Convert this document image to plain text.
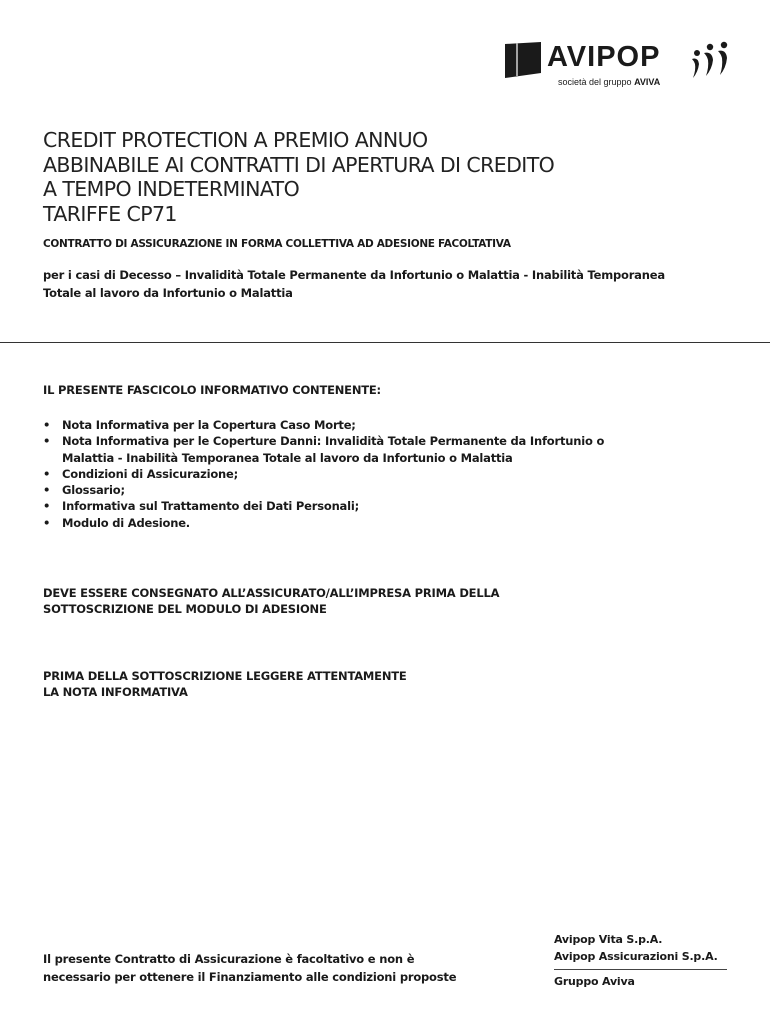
AVIPOP
società del gruppo AVIVA
CREDIT PROTECTION A PREMIO ANNUO
ABBINABILE AI CONTRATTI DI APERTURA DI CREDITO
A TEMPO INDETERMINATO
TARIFFE CP71
CONTRATTO DI ASSICURAZIONE IN FORMA COLLETTIVA AD ADESIONE FACOLTATIVA
per i casi di Decesso – Invalidità Totale Permanente da Infortunio o Malattia - Inabilità Temporanea
Totale al lavoro da Infortunio o Malattia
IL PRESENTE FASCICOLO INFORMATIVO CONTENENTE:
• Nota Informativa per la Copertura Caso Morte;
• Nota Informativa per le Coperture Danni: Invalidità Totale Permanente da Infortunio o
Malattia - Inabilità Temporanea Totale al lavoro da Infortunio o Malattia
• Condizioni di Assicurazione;
• Glossario;
• Informativa sul Trattamento dei Dati Personali;
• Modulo di Adesione.
DEVE ESSERE CONSEGNATO ALL’ASSICURATO/ALL’IMPRESA PRIMA DELLA
SOTTOSCRIZIONE DEL MODULO DI ADESIONE
PRIMA DELLA SOTTOSCRIZIONE LEGGERE ATTENTAMENTE
LA NOTA INFORMATIVA
Il presente Contratto di Assicurazione è facoltativo e non è
necessario per ottenere il Finanziamento alle condizioni proposte
Avipop Vita S.p.A.
Avipop Assicurazioni S.p.A.
Gruppo Aviva
